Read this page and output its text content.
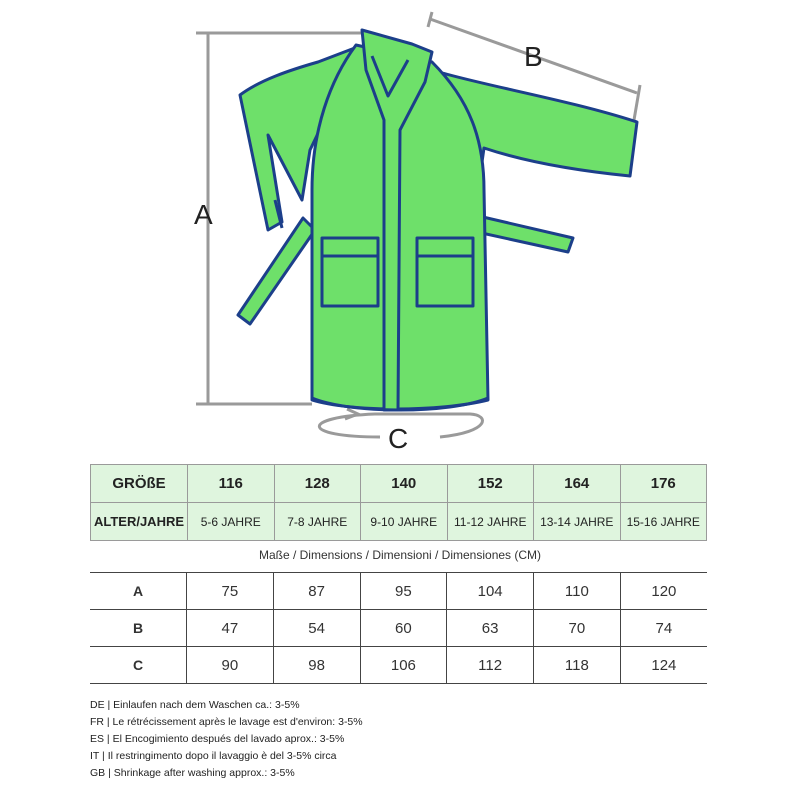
A
B
C
GRÖßE	116	128	140	152	164	176
ALTER/JAHRE	5-6 JAHRE	7-8 JAHRE	9-10 JAHRE	11-12 JAHRE	13-14 JAHRE	15-16 JAHRE
Maße / Dimensions / Dimensioni / Dimensiones (CM)
A	75	87	95	104	110	120
B	47	54	60	63	70	74
C	90	98	106	112	118	124
DE | Einlaufen nach dem Waschen ca.: 3-5%
FR | Le rétrécissement après le lavage est d'environ: 3-5%
ES | El Encogimiento después del lavado aprox.: 3-5%
IT | Il restringimento dopo il lavaggio è del 3-5% circa
GB | Shrinkage after washing approx.: 3-5%
